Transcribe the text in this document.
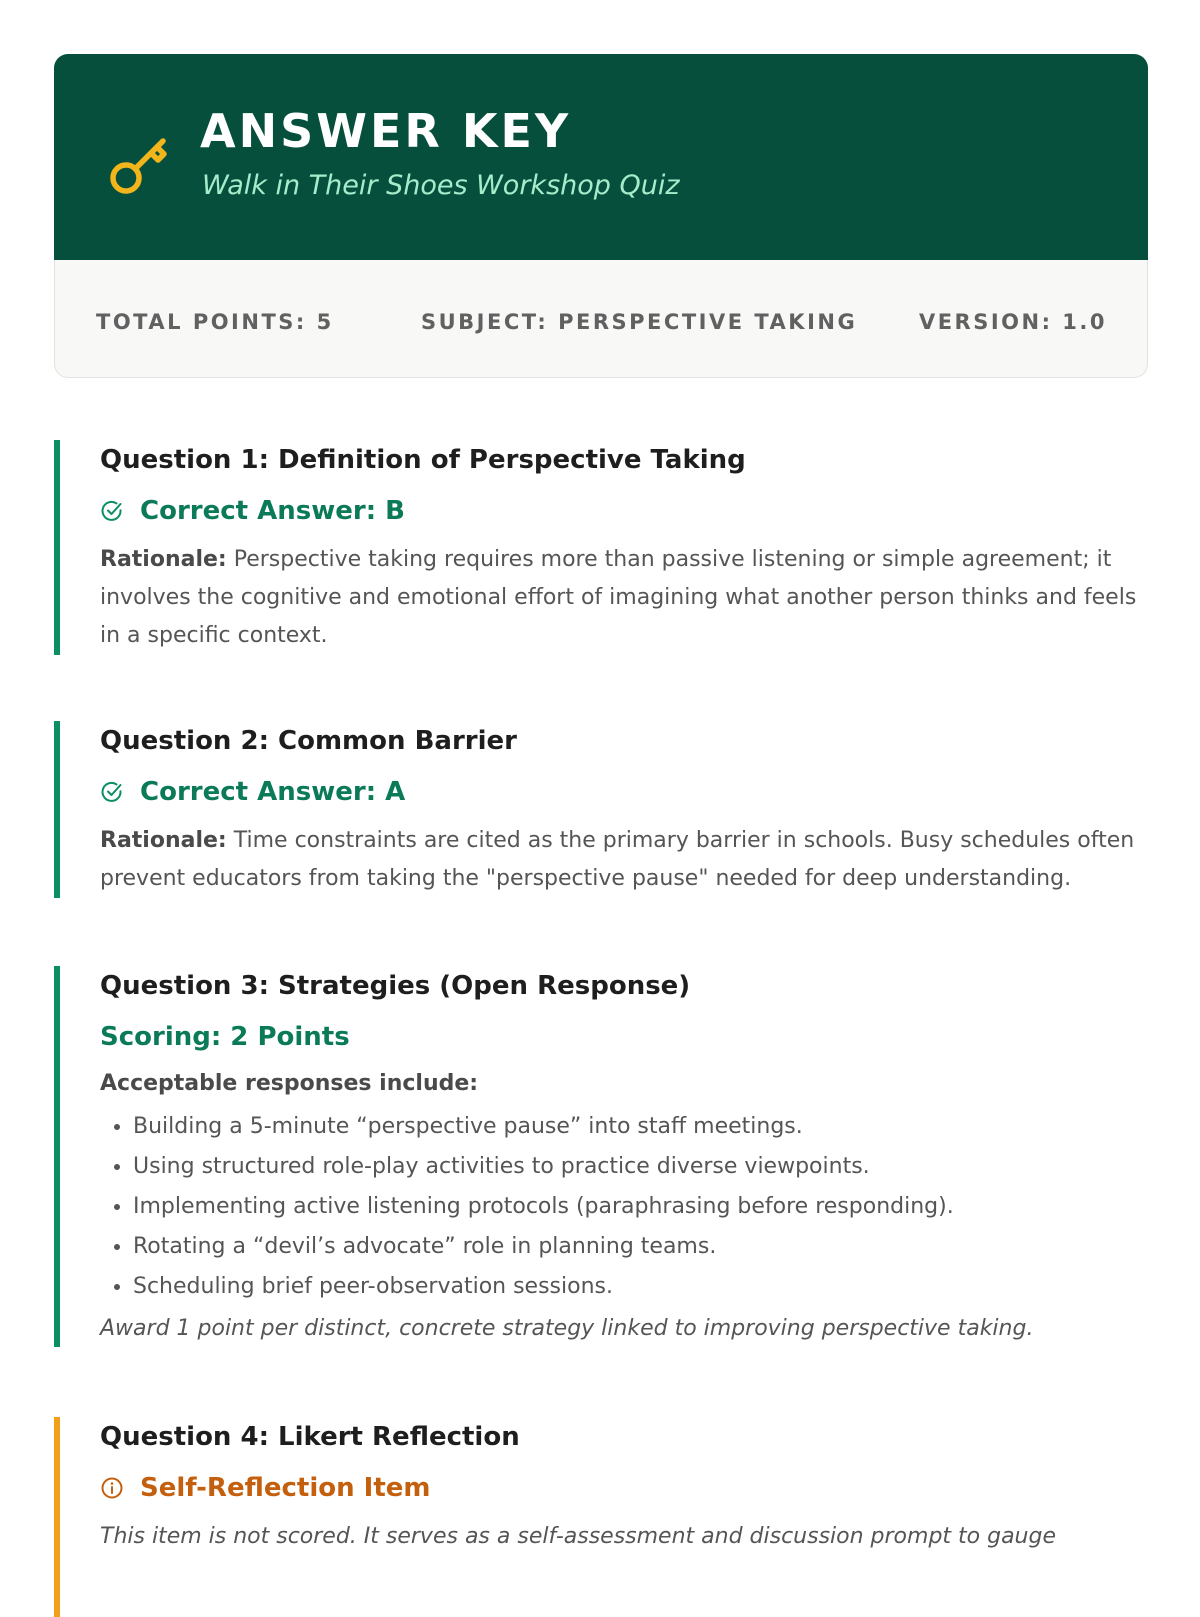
ANSWER KEY
Walk in Their Shoes Workshop Quiz
TOTAL POINTS: 5	SUBJECT: PERSPECTIVE TAKING	VERSION: 1.0
Question 1: Definition of Perspective Taking
Correct Answer: B
Rationale: Perspective taking requires more than passive listening or simple agreement; it involves the cognitive and emotional effort of imagining what another person thinks and feels in a specific context.
Question 2: Common Barrier
Correct Answer: A
Rationale: Time constraints are cited as the primary barrier in schools. Busy schedules often prevent educators from taking the "perspective pause" needed for deep understanding.
Question 3: Strategies (Open Response)
Scoring: 2 Points
Acceptable responses include:
• Building a 5-minute “perspective pause” into staff meetings.
• Using structured role-play activities to practice diverse viewpoints.
• Implementing active listening protocols (paraphrasing before responding).
• Rotating a “devil’s advocate” role in planning teams.
• Scheduling brief peer-observation sessions.
Award 1 point per distinct, concrete strategy linked to improving perspective taking.
Question 4: Likert Reflection
Self-Reflection Item
This item is not scored. It serves as a self-assessment and discussion prompt to gauge
